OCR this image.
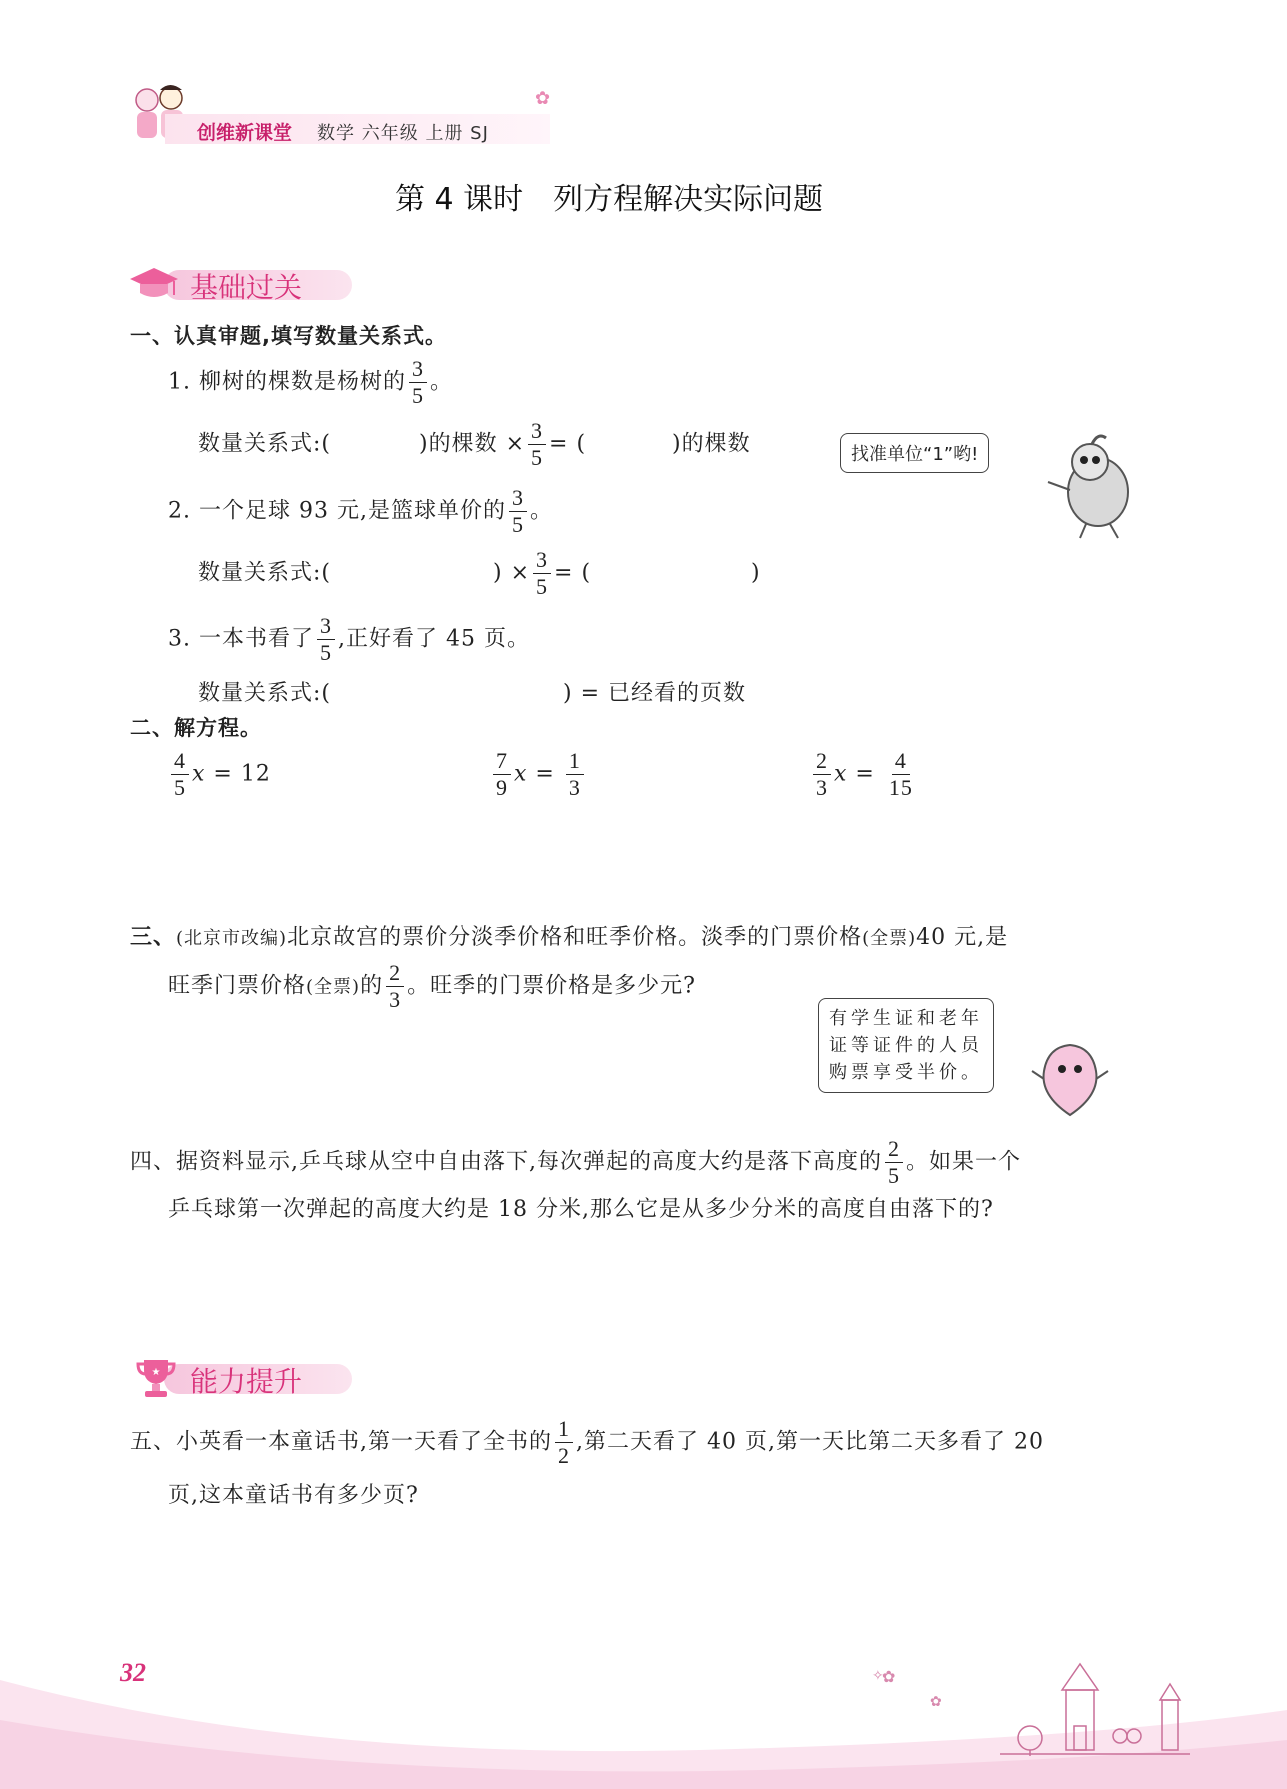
创维新课堂 数学 六年级 上册 SJ
✿
第 4 课时　列方程解决实际问题
基础过关
一、认真审题,填写数量关系式。
1. 柳树的棵数是杨树的 $\frac{3}{5}$ 。
数量关系式:(	)的棵数 × $\frac{3}{5}$ = (	)的棵数	找准单位“1”哟!
2. 一个足球 93 元,是篮球单价的 $\frac{3}{5}$ 。
数量关系式:(	) × $\frac{3}{5}$ = (	)
3. 一本书看了 $\frac{3}{5}$ ,正好看了 45 页。
数量关系式:(	) = 已经看的页数
二、解方程。
$\frac{4}{5}$ x = 12	$\frac{7}{9}$ $x = \frac{1}{3}$	$\frac{2}{3}$ $x = \frac{4}{15}$
三、(北京市改编)北京故宫的票价分淡季价格和旺季价格。淡季的门票价格(全票)40 元,是
旺季门票价格(全票)的 $\frac{2}{3}$ 。旺季的门票价格是多少元?
有学生证和老年
证等证件的人员
购票享受半价。
四、据资料显示,乒乓球从空中自由落下,每次弹起的高度大约是落下高度的 $\frac{2}{5}$ 。如果一个
乒乓球第一次弹起的高度大约是 18 分米,那么它是从多少分米的高度自由落下的?
★ 能力提升
五、小英看一本童话书,第一天看了全书的 $\frac{1}{2}$ ,第二天看了 40 页,第一天比第二天多看了 20
页,这本童话书有多少页?
32	✿
✧
✿
